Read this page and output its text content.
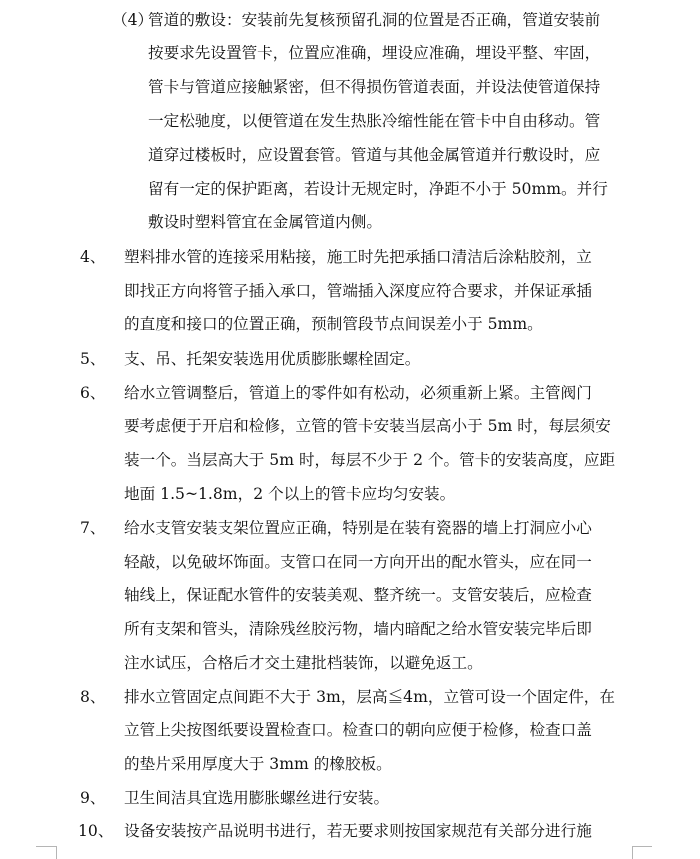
（4）
管道的敷设：安装前先复核预留孔洞的位置是否正确，管道安装前
按要求先设置管卡，位置应准确，埋设应准确，埋设平整、牢固，
管卡与管道应接触紧密，但不得损伤管道表面，并设法使管道保持
一定松驰度，以便管道在发生热胀冷缩性能在管卡中自由移动。管
道穿过楼板时，应设置套管。管道与其他金属管道并行敷设时，应
留有一定的保护距离，若设计无规定时，净距不小于 50mm。并行
敷设时塑料管宜在金属管道内侧。
4、 塑料排水管的连接采用粘接，施工时先把承插口清洁后涂粘胶剂，立
即找正方向将管子插入承口，管端插入深度应符合要求，并保证承插
的直度和接口的位置正确，预制管段节点间误差小于 5mm。
5、 支、吊、托架安装选用优质膨胀螺栓固定。
6、 给水立管调整后，管道上的零件如有松动，必须重新上紧。主管阀门
要考虑便于开启和检修，立管的管卡安装当层高小于 5m 时，每层须安
装一个。当层高大于 5m 时，每层不少于 2 个。管卡的安装高度，应距
地面 1.5~1.8m，2 个以上的管卡应均匀安装。
7、 给水支管安装支架位置应正确，特别是在装有瓷器的墙上打洞应小心
轻敲，以免破坏饰面。支管口在同一方向开出的配水管头，应在同一
轴线上，保证配水管件的安装美观、整齐统一。支管安装后，应检查
所有支架和管头，清除残丝胶污物，墙内暗配之给水管安装完毕后即
注水试压，合格后才交土建批档装饰，以避免返工。
8、 排水立管固定点间距不大于 3m，层高≦4m，立管可设一个固定件，在
立管上尖按图纸要设置检查口。检查口的朝向应便于检修，检查口盖
的垫片采用厚度大于 3mm 的橡胶板。
9、 卫生间洁具宜选用膨胀螺丝进行安装。
10、 设备安装按产品说明书进行，若无要求则按国家规范有关部分进行施
